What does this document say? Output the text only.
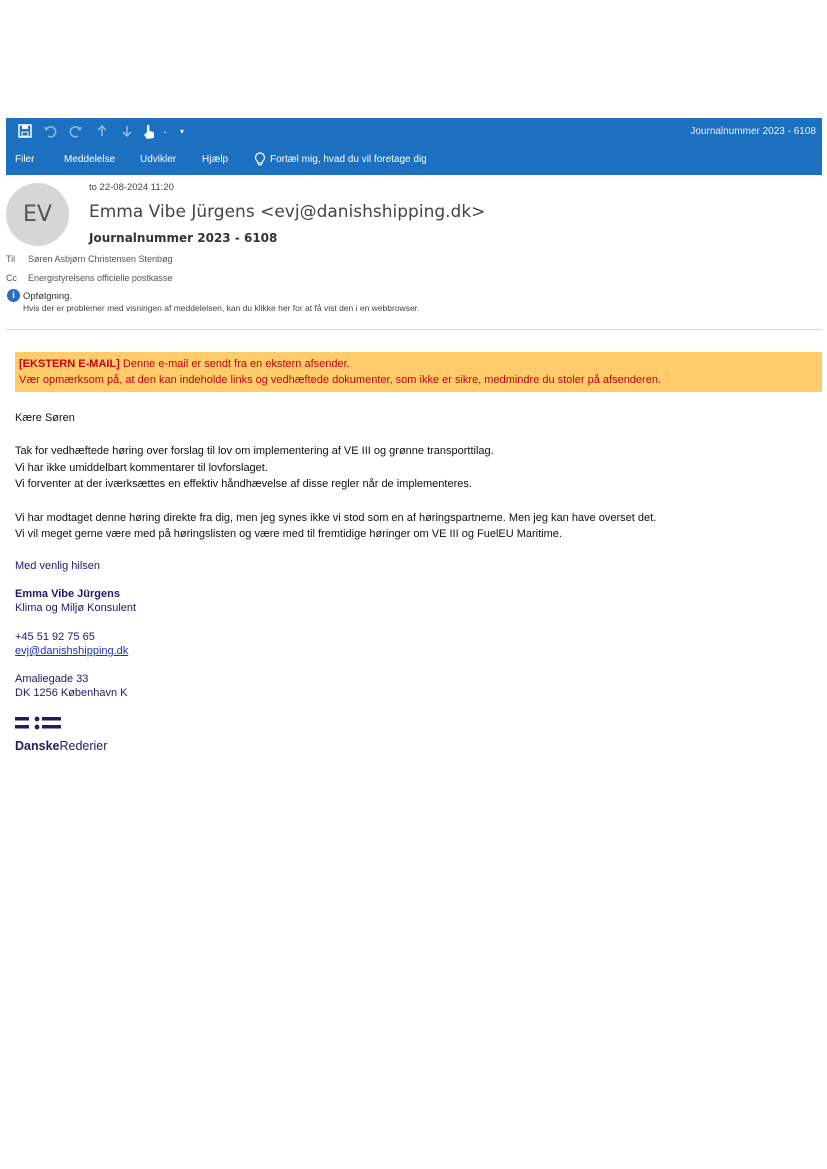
-	▾	Journalnummer 2023 - 6108
Filer	Meddelelse Udvikler	Hjælp	Fortæl mig, hvad du vil foretage dig
EV
to 22-08-2024 11:20
Emma Vibe Jürgens <evj@danishshipping.dk>
Journalnummer 2023 - 6108
Til Søren Asbjørn Christensen Stenbøg
Cc Energistyrelsens officielle postkasse
i Opfølgning.
Hvis der er problemer med visningen af meddelelsen, kan du klikke her for at få vist den i en webbrowser.
[EKSTERN E-MAIL] Denne e-mail er sendt fra en ekstern afsender.
Vær opmærksom på, at den kan indeholde links og vedhæftede dokumenter, som ikke er sikre, medmindre du stoler på afsenderen.
Kære Søren
Tak for vedhæftede høring over forslag til lov om implementering af VE III og grønne transporttilag.
Vi har ikke umiddelbart kommentarer til lovforslaget.
Vi forventer at der iværksættes en effektiv håndhævelse af disse regler når de implementeres.
Vi har modtaget denne høring direkte fra dig, men jeg synes ikke vi stod som en af høringspartnerne. Men jeg kan have overset det.
Vi vil meget gerne være med på høringslisten og være med til fremtidige høringer om VE III og FuelEU Maritime.
Med venlig hilsen
Emma Vibe Jürgens
Klima og Miljø Konsulent
+45 51 92 75 65
evj@danishshipping.dk
Amaliegade 33
DK 1256 København K
DanskeRederier
